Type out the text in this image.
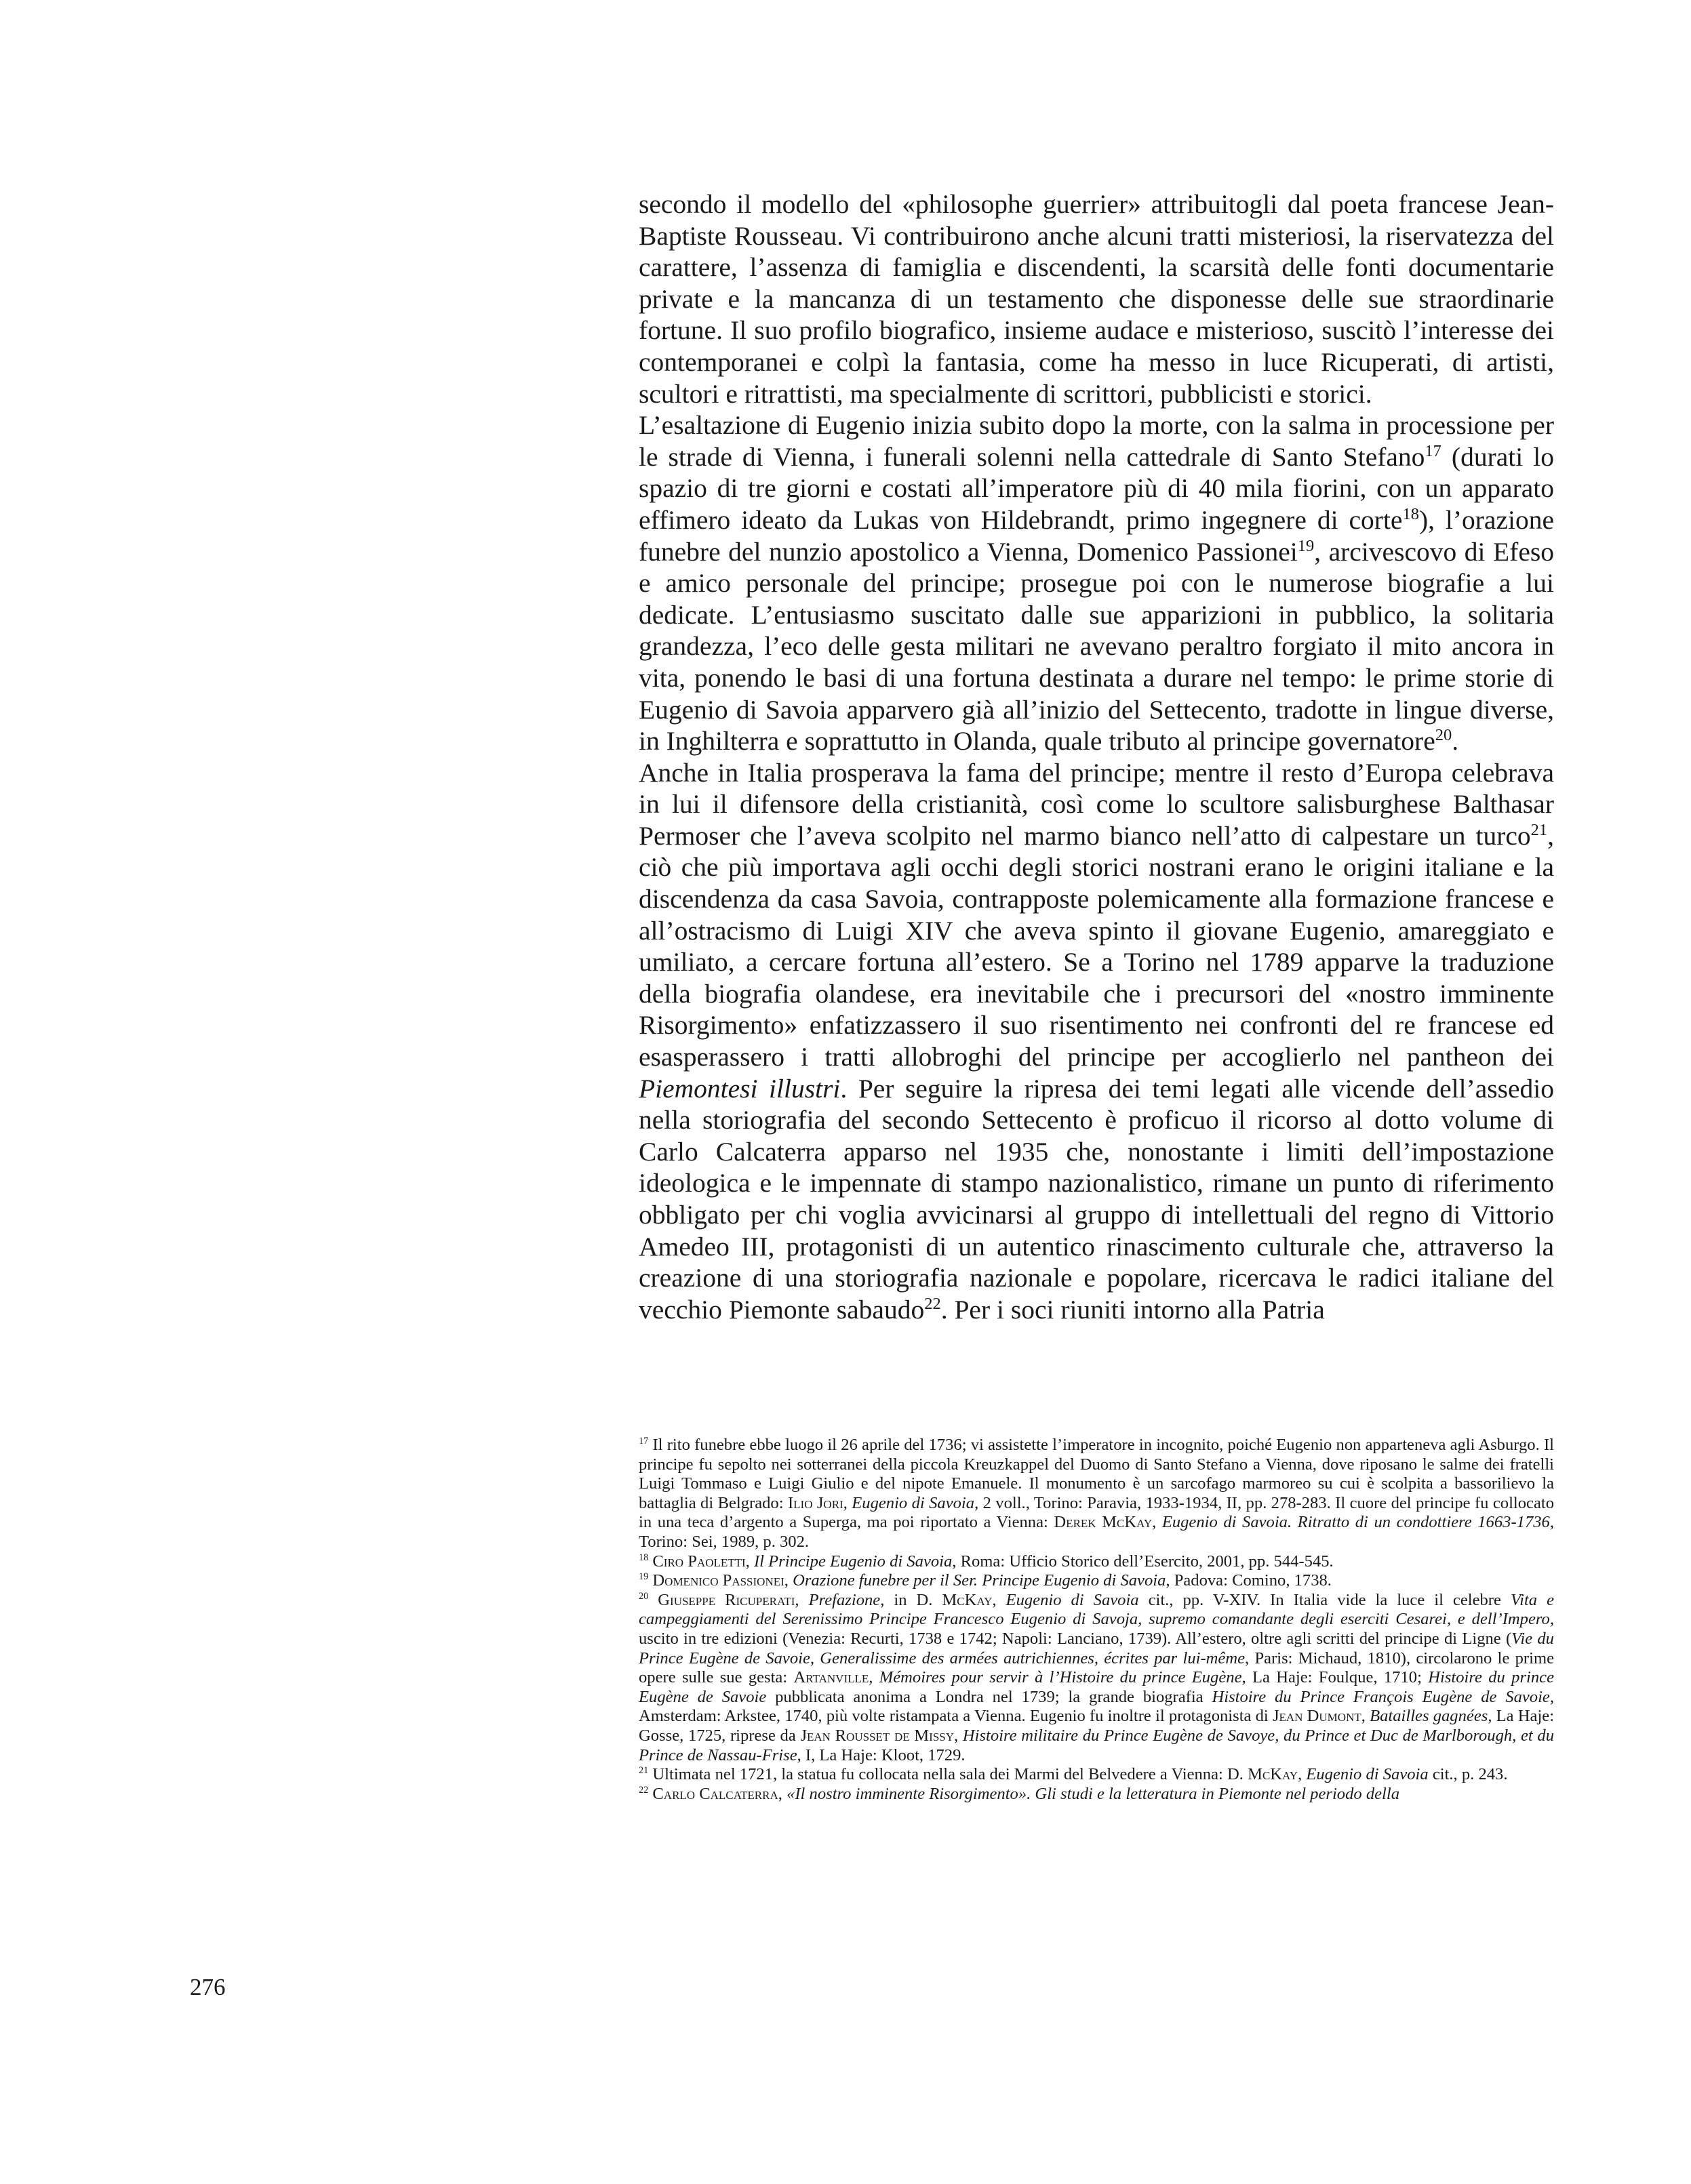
secondo il modello del «philosophe guerrier» attribuitogli dal poeta francese Jean-Baptiste Rousseau. Vi contribuirono anche alcuni tratti misteriosi, la riservatezza del carattere, l’assenza di famiglia e discendenti, la scarsità delle fonti documentarie private e la mancanza di un testamento che disponesse delle sue straordinarie fortune. Il suo profilo biografico, insieme audace e misterioso, suscitò l’interesse dei contemporanei e colpì la fantasia, come ha messo in luce Ricuperati, di artisti, scultori e ritrattisti, ma specialmente di scrittori, pubblicisti e storici.

L’esaltazione di Eugenio inizia subito dopo la morte, con la salma in processione per le strade di Vienna, i funerali solenni nella cattedrale di Santo Stefano$^{17}$ (durati lo spazio di tre giorni e costati all’imperatore più di 40 mila fiorini, con un apparato effimero ideato da Lukas von Hildebrandt, primo ingegnere di corte$^{18}$), l’orazione funebre del nunzio apostolico a Vienna, Domenico Passionei$^{19}$, arcivescovo di Efeso e amico personale del principe; prosegue poi con le numerose biografie a lui dedicate. L’entusiasmo suscitato dalle sue apparizioni in pubblico, la solitaria grandezza, l’eco delle gesta militari ne avevano peraltro forgiato il mito ancora in vita, ponendo le basi di una fortuna destinata a durare nel tempo: le prime storie di Eugenio di Savoia apparvero già all’inizio del Settecento, tradotte in lingue diverse, in Inghilterra e soprattutto in Olanda, quale tributo al principe governatore$^{20}$.

Anche in Italia prosperava la fama del principe; mentre il resto d’Europa celebrava in lui il difensore della cristianità, così come lo scultore salisburghese Balthasar Permoser che l’aveva scolpito nel marmo bianco nell’atto di calpestare un turco$^{21}$, ciò che più importava agli occhi degli storici nostrani erano le origini italiane e la discendenza da casa Savoia, contrapposte polemicamente alla formazione francese e all’ostracismo di Luigi XIV che aveva spinto il giovane Eugenio, amareggiato e umiliato, a cercare fortuna all’estero. Se a Torino nel 1789 apparve la traduzione della biografia olandese, era inevitabile che i precursori del «nostro imminente Risorgimento» enfatizzassero il suo risentimento nei confronti del re francese ed esasperassero i tratti allobroghi del principe per accoglierlo nel pantheon dei Piemontesi illustri. Per seguire la ripresa dei temi legati alle vicende dell’assedio nella storiografia del secondo Settecento è proficuo il ricorso al dotto volume di Carlo Calcaterra apparso nel 1935 che, nonostante i limiti dell’impostazione ideologica e le impennate di stampo nazionalistico, rimane un punto di riferimento obbligato per chi voglia avvicinarsi al gruppo di intellettuali del regno di Vittorio Amedeo III, protagonisti di un autentico rinascimento culturale che, attraverso la creazione di una storiografia nazionale e popolare, ricercava le radici italiane del vecchio Piemonte sabaudo$^{22}$. Per i soci riuniti intorno alla Patria

$^{17}$ Il rito funebre ebbe luogo il 26 aprile del 1736; vi assistette l’imperatore in incognito, poiché Eugenio non apparteneva agli Asburgo. Il principe fu sepolto nei sotterranei della piccola Kreuzkappel del Duomo di Santo Stefano a Vienna, dove riposano le salme dei fratelli Luigi Tommaso e Luigi Giulio e del nipote Emanuele. Il monumento è un sarcofago marmoreo su cui è scolpita a bassorilievo la battaglia di Belgrado: Ilio Jori, Eugenio di Savoia, 2 voll., Torino: Paravia, 1933-1934, II, pp. 278-283. Il cuore del principe fu collocato in una teca d’argento a Superga, ma poi riportato a Vienna: Derek McKay, Eugenio di Savoia. Ritratto di un condottiere 1663-1736, Torino: Sei, 1989, p. 302.

$^{18}$ Ciro Paoletti, Il Principe Eugenio di Savoia, Roma: Ufficio Storico dell’Esercito, 2001, pp. 544-545.

$^{19}$ Domenico Passionei, Orazione funebre per il Ser. Principe Eugenio di Savoia, Padova: Comino, 1738.

$^{20}$ Giuseppe Ricuperati, Prefazione, in D. McKay, Eugenio di Savoia cit., pp. V-XIV. In Italia vide la luce il celebre Vita e campeggiamenti del Serenissimo Principe Francesco Eugenio di Savoja, supremo comandante degli eserciti Cesarei, e dell’Impero, uscito in tre edizioni (Venezia: Recurti, 1738 e 1742; Napoli: Lanciano, 1739). All’estero, oltre agli scritti del principe di Ligne (Vie du Prince Eugène de Savoie, Generalissime des armées autrichiennes, écrites par lui-même, Paris: Michaud, 1810), circolarono le prime opere sulle sue gesta: Artanville, Mémoires pour servir à l’Histoire du prince Eugène, La Haje: Foulque, 1710; Histoire du prince Eugène de Savoie pubblicata anonima a Londra nel 1739; la grande biografia Histoire du Prince François Eugène de Savoie, Amsterdam: Arkstee, 1740, più volte ristampata a Vienna. Eugenio fu inoltre il protagonista di Jean Dumont, Batailles gagnées, La Haje: Gosse, 1725, riprese da Jean Rousset de Missy, Histoire militaire du Prince Eugène de Savoye, du Prince et Duc de Marlborough, et du Prince de Nassau-Frise, I, La Haje: Kloot, 1729.

$^{21}$ Ultimata nel 1721, la statua fu collocata nella sala dei Marmi del Belvedere a Vienna: D. McKay, Eugenio di Savoia cit., p. 243.

$^{22}$ Carlo Calcaterra, «Il nostro imminente Risorgimento». Gli studi e la letteratura in Piemonte nel periodo della

276
